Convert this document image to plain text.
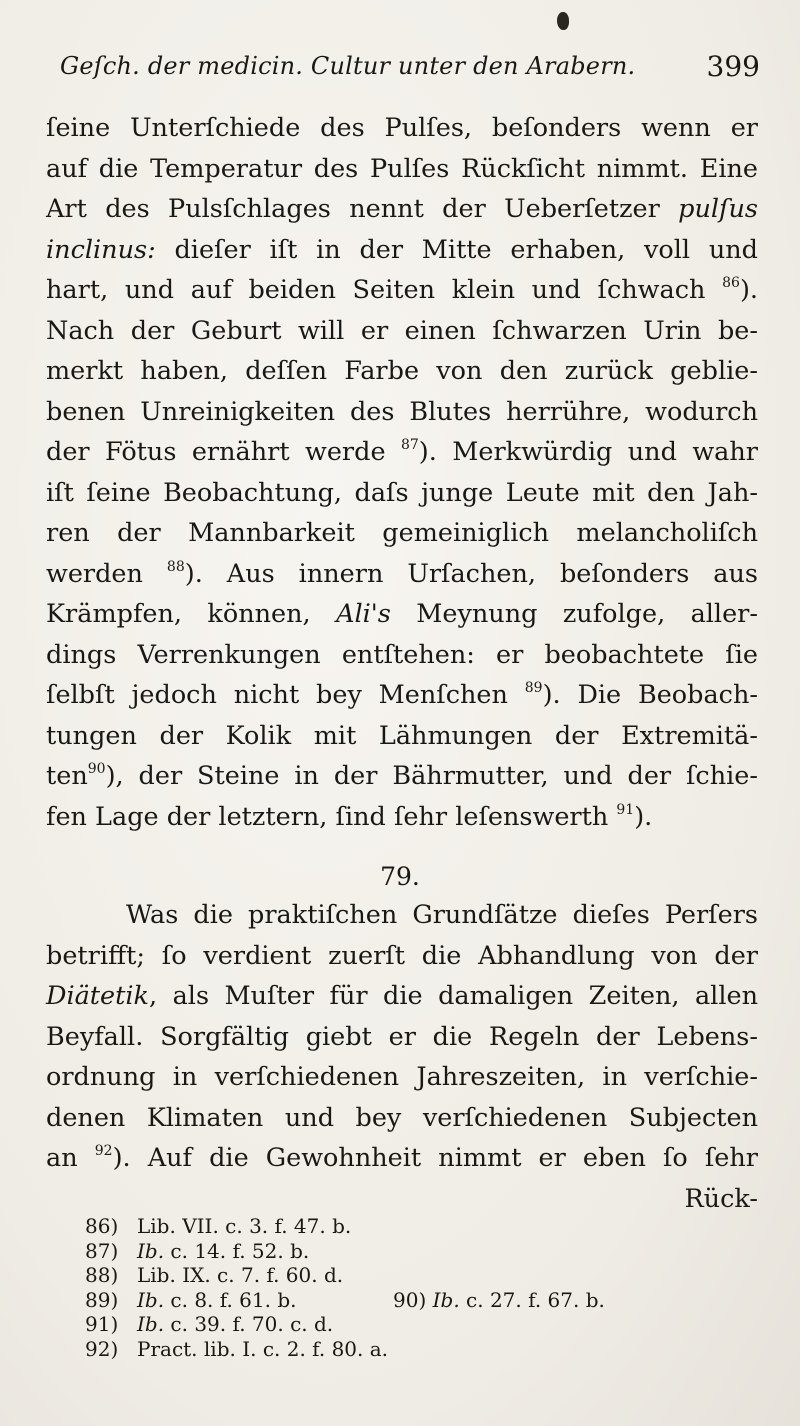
Geſch. der medicin. Cultur unter den Arabern.	399
ſeine Unterſchiede des Pulſes, beſonders wenn er
auf die Temperatur des Pulſes Rückſicht nimmt. Eine
Art des Pulsſchlages nennt der Ueberſetzer pulſus
inclinus: dieſer iſt in der Mitte erhaben, voll und
hart, und auf beiden Seiten klein und ſchwach $^{86}$).
Nach der Geburt will er einen ſchwarzen Urin be-
merkt haben, deſſen Farbe von den zurück geblie-
benen Unreinigkeiten des Blutes herrühre, wodurch
der Fötus ernährt werde $^{87}$). Merkwürdig und wahr
iſt ſeine Beobachtung, daſs junge Leute mit den Jah-
ren der Mannbarkeit gemeiniglich melancholiſch
werden $^{88}$). Aus innern Urſachen, beſonders aus
Krämpfen, können, Ali's Meynung zufolge, aller-
dings Verrenkungen entſtehen: er beobachtete ſie
ſelbſt jedoch nicht bey Menſchen $^{89}$). Die Beobach-
tungen der Kolik mit Lähmungen der Extremitä-
ten$^{90}$), der Steine in der Bährmutter, und der ſchie-
fen Lage der letztern, ſind ſehr leſenswerth $^{91}$).
79.
Was die praktiſchen Grundſätze dieſes Perſers
betrifft; ſo verdient zuerſt die Abhandlung von der
Diätetik, als Muſter für die damaligen Zeiten, allen
Beyfall. Sorgfältig giebt er die Regeln der Lebens-
ordnung in verſchiedenen Jahreszeiten, in verſchie-
denen Klimaten und bey verſchiedenen Subjecten
an $^{92}$). Auf die Gewohnheit nimmt er eben ſo ſehr
Rück-
86) Lib. VII. c. 3. f. 47. b.
87) Ib. c. 14. f. 52. b.
88) Lib. IX. c. 7. f. 60. d.
89) Ib. c. 8. f. 61. b.	90) Ib. c. 27. f. 67. b.
91) Ib. c. 39. f. 70. c. d.
92) Pract. lib. I. c. 2. f. 80. a.
